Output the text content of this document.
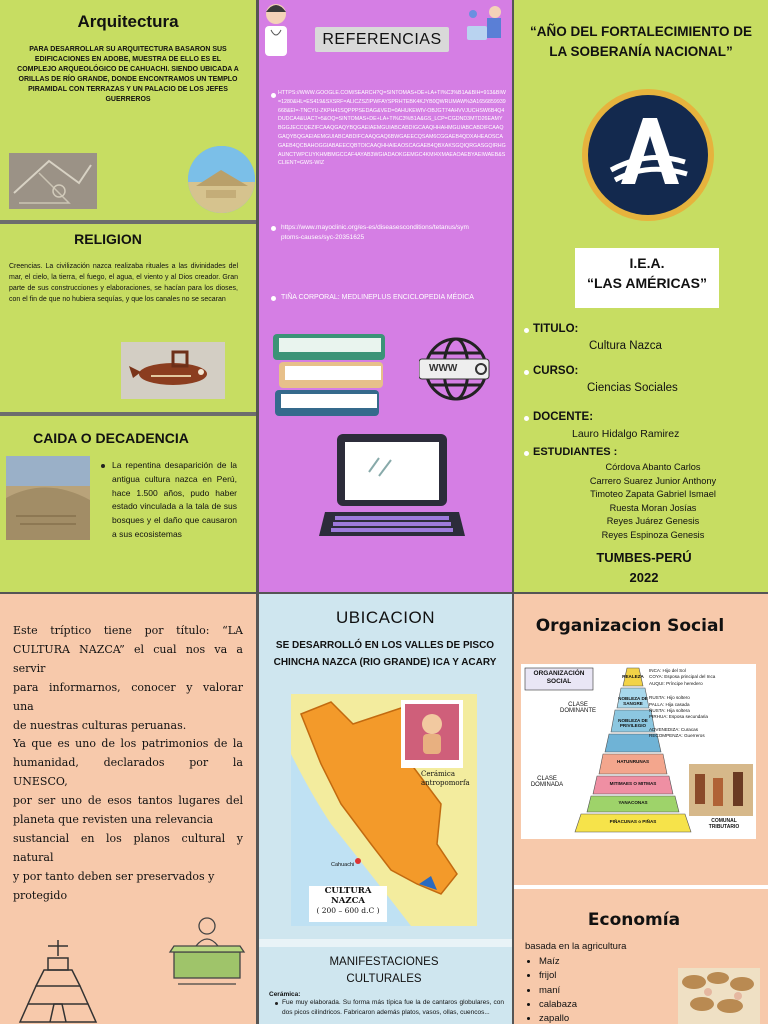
Arquitectura
PARA DESARROLLAR SU ARQUITECTURA BASARON SUS EDIFICACIONES EN ADOBE, MUESTRA DE ELLO ES EL COMPLEJO ARQUEOLÓGICO DE CAHUACHI. SIENDO UBICADA A ORILLAS DE RÍO GRANDE, DONDE ENCONTRAMOS UN TEMPLO PIRAMIDAL CON TERRAZAS Y UN PALACIO DE LOS JEFES GUERREROS
RELIGION
Creencias. La civilización nazca realizaba rituales a las divinidades del mar, el cielo, la tierra, el fuego, el agua, el viento y al Dios creador. Gran parte de sus construcciones y elaboraciones, se hacían para los dioses, con el fin de que no hubiera sequías, y que los canales no se secaran
CAIDA O DECADENCIA
La repentina desaparición de la antigua cultura nazca en Perú, hace 1.500 años, pudo haber estado vinculada a la tala de sus bosques y el daño que causaron a sus ecosistemas
REFERENCIAS
HTTPS://WWW.GOOGLE.COM/SEARCH?Q=SINTOMAS+DE+LA+TI%C3%B1A&BIH=913&BIW=1280&HL=ES419&SXSRF=ALICZSZIPWFAYSPRHTEBK4KJYB0QWRUMAW%3A1656859939668&EI=-TNCYU-ZKPH41SQPPPSEDAG&VED=0AHUKEWIV-OBJGT74AHVVJUCHSW6B4Q4DUDCA4&UACT=5&OQ=SINTOMAS+DE+LA+TI%C3%B1A&GS_LCP=CGDND3MTD26EAMYBGGJECCQEZIFCAAQGAQYBQGAEIAEMGUIABCABDIGCAAQHHAHMGUIABCABDIFCAAQGAQYBQGAEIAEMGUIABCABDIFCAAQGAQ6BWGAEECQSAM6CGGAEB4QDXAHEAOSCAGAEB4QCBAHOGGIABAEECQBTOICAAQHHAIEAOSCAGAEB4QBXAKSGQIQRGASGQIRHGAUNCTWPCUYKHMBMGCCAF4AYAB3WGIADAOKGEMGC4KMI4XMAEAOAEBYAEIWAEB&SCLIENT=GWS-WIZ
https://www.mayoclinic.org/es-es/diseasesconditions/tetanus/symptoms-causes/syc-20351625
TIÑA CORPORAL: MEDLINEPLUS ENCICLOPEDIA MÉDICA
WWW
“AÑO DEL FORTALECIMIENTO DE LA SOBERANÍA NACIONAL”
I.E.A.
“LAS AMÉRICAS”
TITULO:
Cultura Nazca
CURSO:
Ciencias Sociales
DOCENTE:
Lauro Hidalgo Ramirez
ESTUDIANTES :
Córdova Abanto Carlos
Carrero Suarez Junior Anthony
Timoteo Zapata Gabriel Ismael
Ruesta Moran Josías
Reyes Juárez Genesis
Reyes Espinoza Genesis
TUMBES-PERÚ
2022
Este tríptico tiene por título: “LA
CULTURA NAZCA” el cual nos va a
servir
para informarnos, conocer y valorar
una
de nuestras culturas peruanas.
Ya que es uno de los patrimonios de la
humanidad, declarados por la
UNESCO,
por ser uno de esos tantos lugares del
planeta que revisten una relevancia
sustancial en los planos cultural y
natural
y por tanto deben ser preservados y
protegido
UBICACION
SE DESARROLLÓ EN LOS VALLES DE PISCO CHINCHA NAZCA (RIO GRANDE) ICA Y ACARY
Cerámica
antropomorfa
Cahuachi
CULTURA
NAZCA
( 200 – 600 d.C )
MANIFESTACIONES CULTURALES
Cerámica:
Fue muy elaborada. Su forma más típica fue la de cantaros globulares, con dos picos cilíndricos. Fabricaron además platos, vasos, ollas, cuencos...
Organizacion Social
ORGANIZACIÓN
SOCIAL
CLASE DOMINANTE
CLASE DOMINADA
REALEZA
NOBLEZA DE SANGRE
NOBLEZA DE PRIVILEGIO
HATUNRUNAS
MITIMAES O MITMAS
YANACONAS
PIÑACUNAS o PIÑAS
INCA: Hijo del Sol
COYA: Esposa principal del Inca
AUQUI: Príncipe heredero
RUSTA: Hijo soltero
PALLA: Hija casada
ÑUSTA: Hija soltera
PIRHUA: Esposa secundaria
ADVENEDIZA: Curacas
RECOMPENZA: Guerreros
COMUNAL TRIBUTARIO
Economía
basada en la agricultura
• Maíz
• frijol
• maní
• calabaza
• zapallo
